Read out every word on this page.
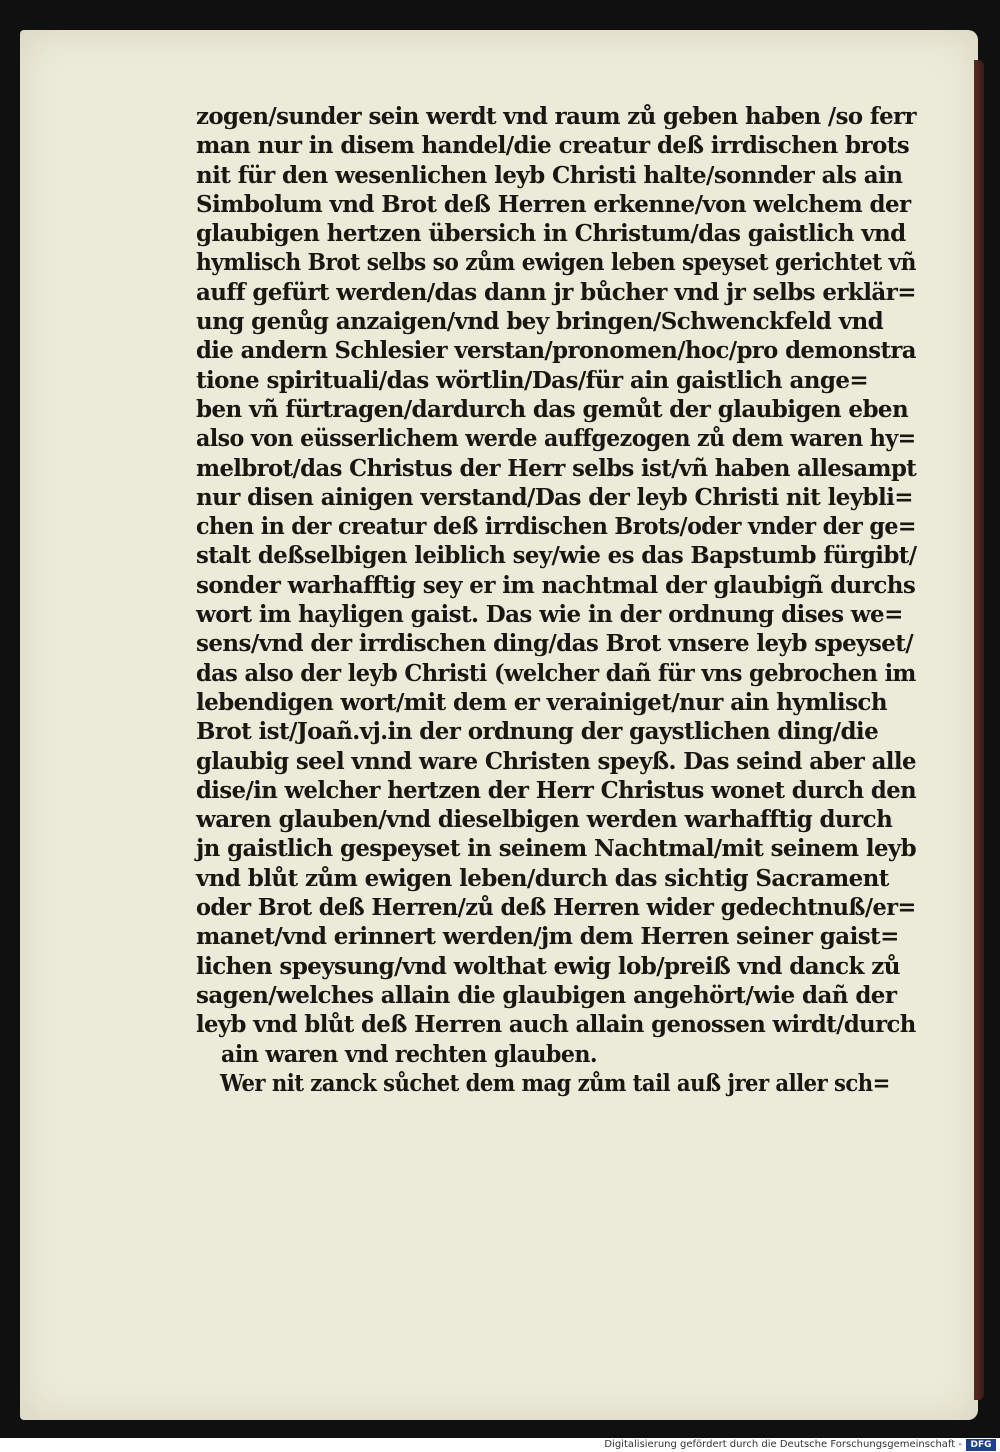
zogen/sunder sein werdt vnd raum zů geben haben /so ferr
man nur in disem handel/die creatur deß irrdischen brots
nit für den wesenlichen leyb Christi halte/sonnder als ain
Simbolum vnd Brot deß Herren erkenne/von welchem der
glaubigen hertzen übersich in Christum/das gaistlich vnd
hymlisch Brot selbs so zům ewigen leben speyset gerichtet vñ
auff gefürt werden/das dann jr bůcher vnd jr selbs erklär=
ung genůg anzaigen/vnd bey bringen/Schwenckfeld vnd
die andern Schlesier verstan/pronomen/hoc/pro demonstra
tione spirituali/das wörtlin/Das/für ain gaistlich ange=
ben vñ fürtragen/dardurch das gemůt der glaubigen eben
also von eüsserlichem werde auffgezogen zů dem waren hy=
melbrot/das Christus der Herr selbs ist/vñ haben allesampt
nur disen ainigen verstand/Das der leyb Christi nit leybli=
chen in der creatur deß irrdischen Brots/oder vnder der ge=
stalt deßselbigen leiblich sey/wie es das Bapstumb fürgibt/
sonder warhafftig sey er im nachtmal der glaubigñ durchs
wort im hayligen gaist. Das wie in der ordnung dises we=
sens/vnd der irrdischen ding/das Brot vnsere leyb speyset/
das also der leyb Christi (welcher dañ für vns gebrochen im
lebendigen wort/mit dem er verainiget/nur ain hymlisch
Brot ist/Joañ.vj.in der ordnung der gaystlichen ding/die
glaubig seel vnnd ware Christen speyß. Das seind aber alle
dise/in welcher hertzen der Herr Christus wonet durch den
waren glauben/vnd dieselbigen werden warhafftig durch
jn gaistlich gespeyset in seinem Nachtmal/mit seinem leyb
vnd blůt zům ewigen leben/durch das sichtig Sacrament
oder Brot deß Herren/zů deß Herren wider gedechtnuß/er=
manet/vnd erinnert werden/jm dem Herren seiner gaist=
lichen speysung/vnd wolthat ewig lob/preiß vnd danck zů
sagen/welches allain die glaubigen angehört/wie dañ der
leyb vnd blůt deß Herren auch allain genossen wirdt/durch
ain waren vnd rechten glauben.
Wer nit zanck sůchet dem mag zům tail auß jrer aller sch=
Digitalisierung gefördert durch die Deutsche Forschungsgemeinschaft - DFG
